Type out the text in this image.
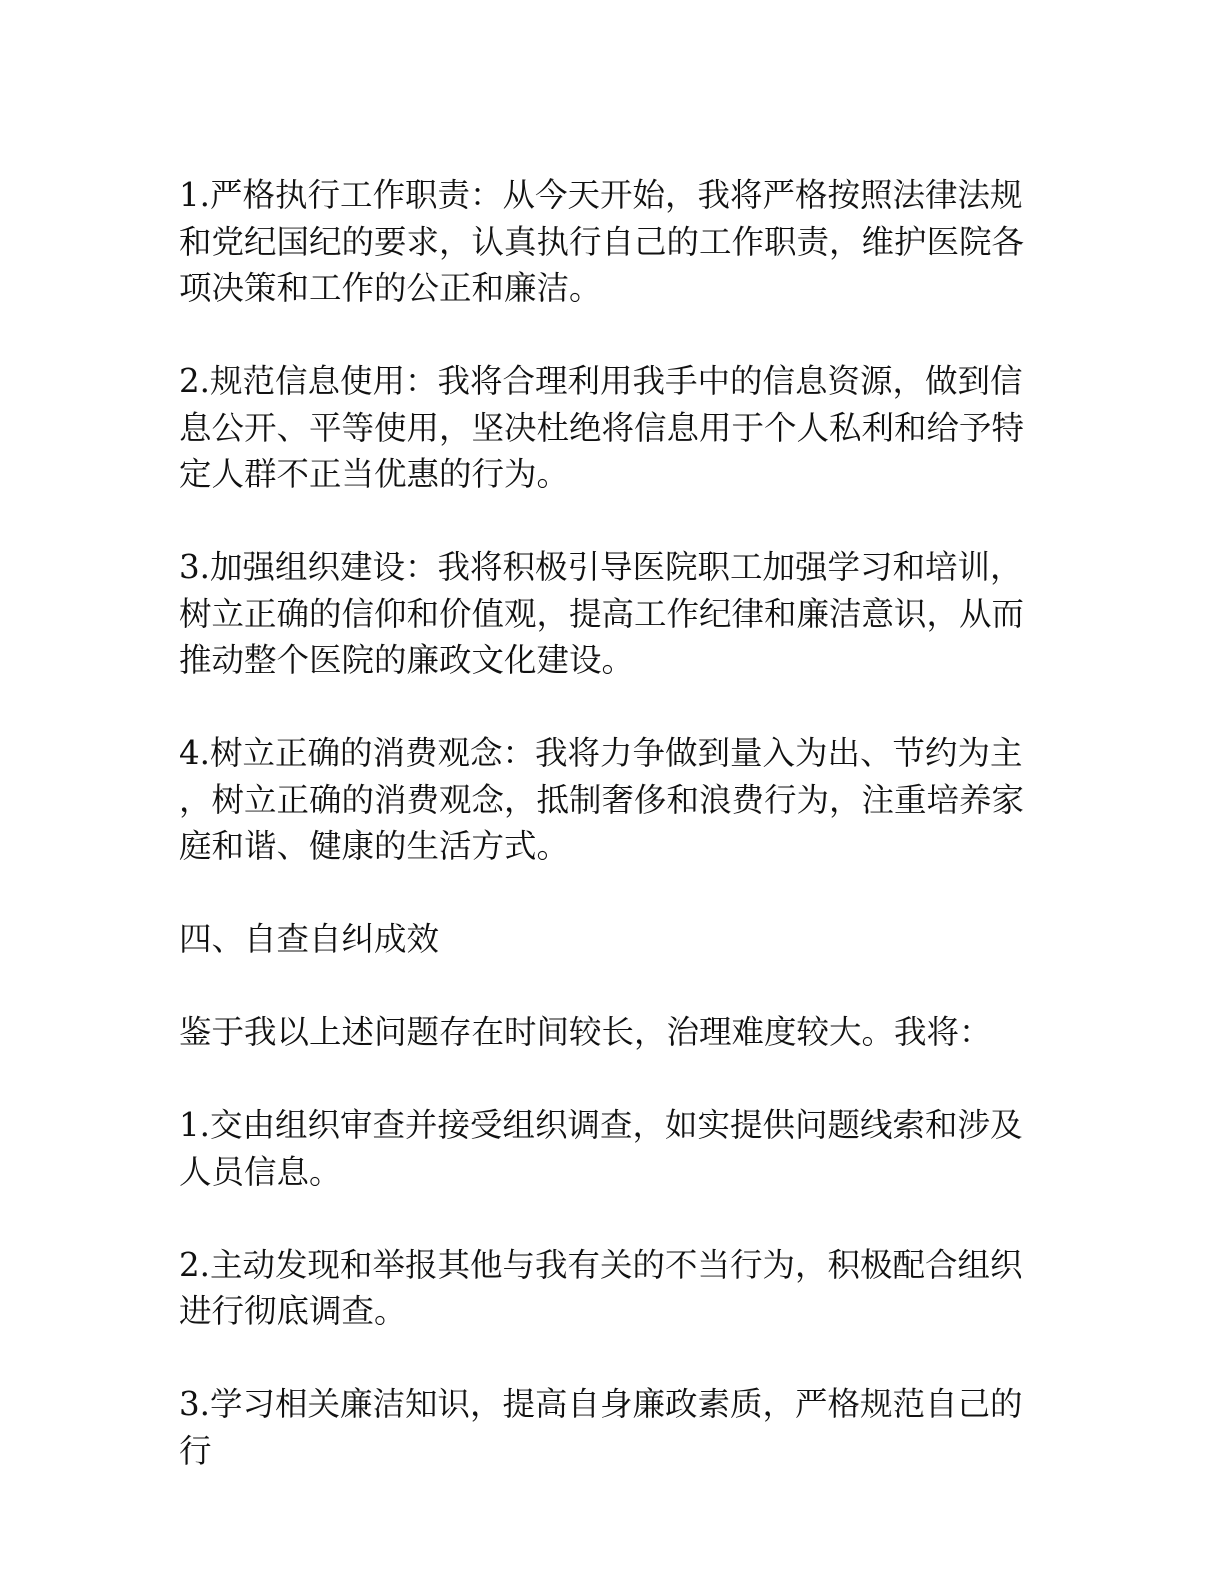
1.严格执行工作职责：从今天开始，我将严格按照法律法规和党纪国纪的要求，认真执行自己的工作职责，维护医院各项决策和工作的公正和廉洁。

2.规范信息使用：我将合理利用我手中的信息资源，做到信息公开、平等使用，坚决杜绝将信息用于个人私利和给予特定人群不正当优惠的行为。

3.加强组织建设：我将积极引导医院职工加强学习和培训，树立正确的信仰和价值观，提高工作纪律和廉洁意识，从而推动整个医院的廉政文化建设。

4.树立正确的消费观念：我将力争做到量入为出、节约为主，树立正确的消费观念，抵制奢侈和浪费行为，注重培养家庭和谐、健康的生活方式。

四、自查自纠成效

鉴于我以上述问题存在时间较长，治理难度较大。我将：

1.交由组织审查并接受组织调查，如实提供问题线索和涉及人员信息。

2.主动发现和举报其他与我有关的不当行为，积极配合组织进行彻底调查。

3.学习相关廉洁知识，提高自身廉政素质，严格规范自己的行
